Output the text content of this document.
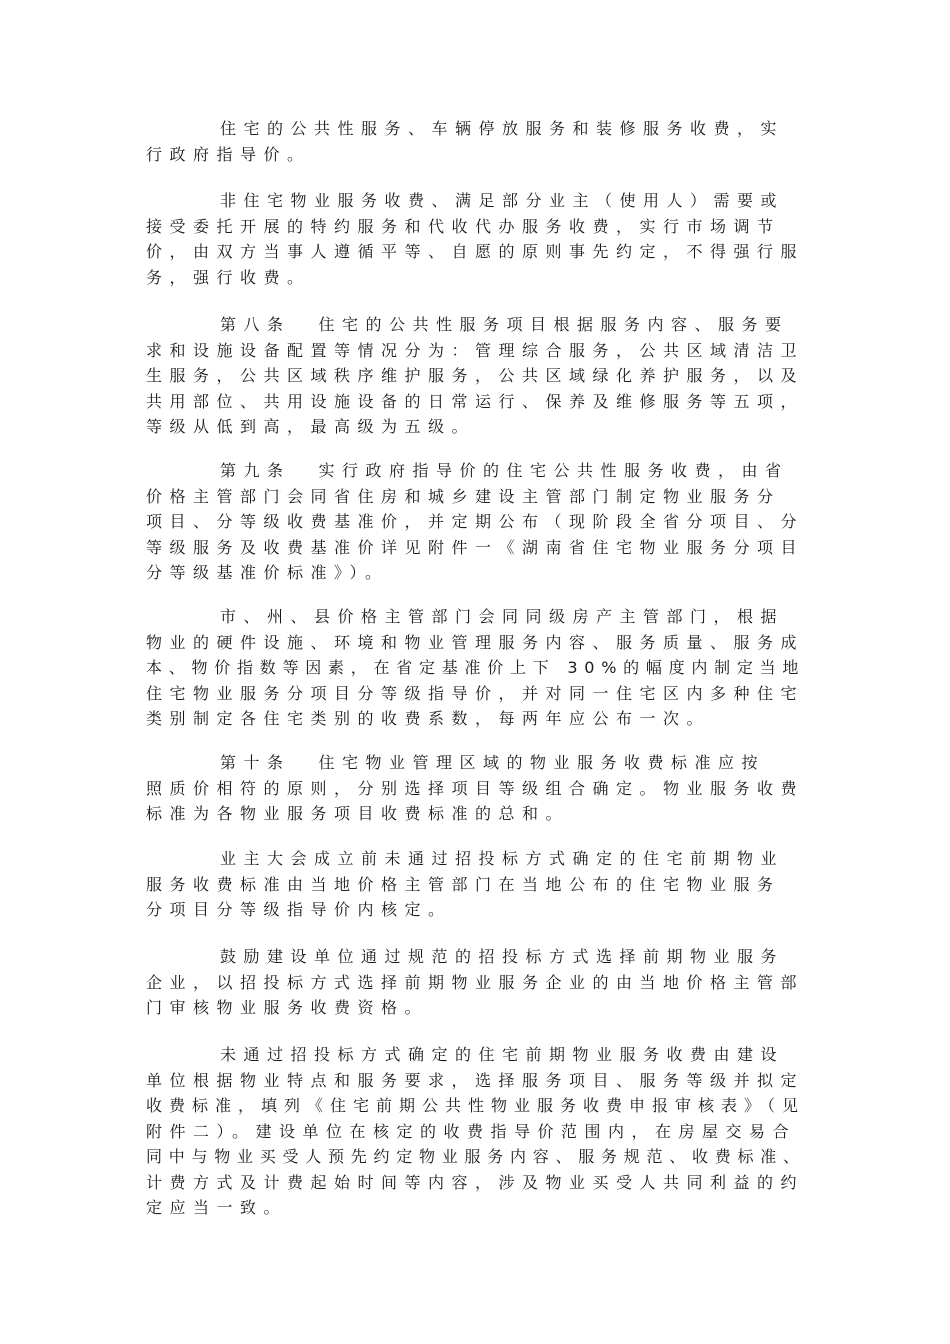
住宅的公共性服务、车辆停放服务和装修服务收费，实
行政府指导价。
非住宅物业服务收费、满足部分业主（使用人）需要或
接受委托开展的特约服务和代收代办服务收费，实行市场调节
价，由双方当事人遵循平等、自愿的原则事先约定，不得强行服
务，强行收费。
第八条 住宅的公共性服务项目根据服务内容、服务要
求和设施设备配置等情况分为：管理综合服务，公共区域清洁卫
生服务，公共区域秩序维护服务，公共区域绿化养护服务，以及
共用部位、共用设施设备的日常运行、保养及维修服务等五项，
等级从低到高，最高级为五级。
第九条 实行政府指导价的住宅公共性服务收费，由省
价格主管部门会同省住房和城乡建设主管部门制定物业服务分
项目、分等级收费基准价，并定期公布（现阶段全省分项目、分
等级服务及收费基准价详见附件一《湖南省住宅物业服务分项目
分等级基准价标准》）。
市、州、县价格主管部门会同同级房产主管部门，根据
物业的硬件设施、环境和物业管理服务内容、服务质量、服务成
本、物价指数等因素，在省定基准价上下 30%的幅度内制定当地
住宅物业服务分项目分等级指导价，并对同一住宅区内多种住宅
类别制定各住宅类别的收费系数，每两年应公布一次。
第十条 住宅物业管理区域的物业服务收费标准应按
照质价相符的原则，分别选择项目等级组合确定。物业服务收费
标准为各物业服务项目收费标准的总和。
业主大会成立前未通过招投标方式确定的住宅前期物业
服务收费标准由当地价格主管部门在当地公布的住宅物业服务
分项目分等级指导价内核定。
鼓励建设单位通过规范的招投标方式选择前期物业服务
企业，以招投标方式选择前期物业服务企业的由当地价格主管部
门审核物业服务收费资格。
未通过招投标方式确定的住宅前期物业服务收费由建设
单位根据物业特点和服务要求，选择服务项目、服务等级并拟定
收费标准，填列《住宅前期公共性物业服务收费申报审核表》（见
附件二）。建设单位在核定的收费指导价范围内，在房屋交易合
同中与物业买受人预先约定物业服务内容、服务规范、收费标准、
计费方式及计费起始时间等内容，涉及物业买受人共同利益的约
定应当一致。
